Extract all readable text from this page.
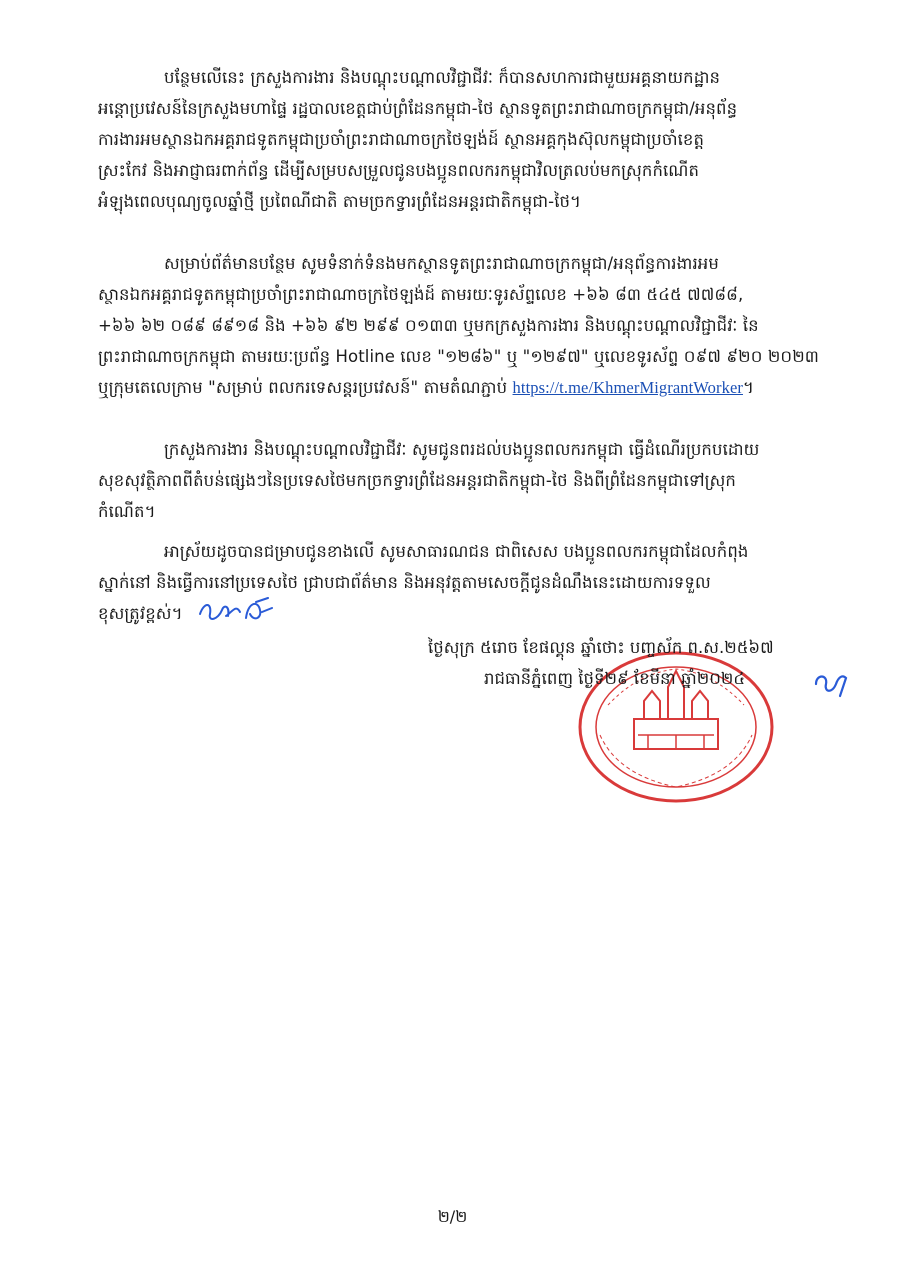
បន្ថែមលើនេះ ក្រសួងការងារ និងបណ្ដុះបណ្ដាលវិជ្ជាជីវៈ ក៏បានសហការជាមួយអគ្គនាយកដ្ឋាន
អន្តោប្រវេសន៍នៃក្រសួងមហាផ្ទៃ រដ្ឋបាលខេត្តជាប់ព្រំដែនកម្ពុជា-ថៃ ស្ថានទូតព្រះរាជាណាចក្រកម្ពុជា/អនុព័ន្ធ
ការងារអមស្ថានឯកអគ្គរាជទូតកម្ពុជាប្រចាំព្រះរាជាណាចក្រថៃឡង់ដ៍ ស្ថានអគ្គកុងស៊ុលកម្ពុជាប្រចាំខេត្ត
ស្រះកែវ និងអាជ្ញាធរពាក់ព័ន្ធ ដើម្បីសម្របសម្រួលជូនបងប្អូនពលករកម្ពុជាវិលត្រលប់មកស្រុកកំណើត
អំឡុងពេលបុណ្យចូលឆ្នាំថ្មី ប្រពៃណីជាតិ តាមច្រកទ្វារព្រំដែនអន្តរជាតិកម្ពុជា-ថៃ។
សម្រាប់ព័ត៌មានបន្ថែម សូមទំនាក់ទំនងមកស្ថានទូតព្រះរាជាណាចក្រកម្ពុជា/អនុព័ន្ធការងារអម
ស្ថានឯកអគ្គរាជទូតកម្ពុជាប្រចាំព្រះរាជាណាចក្រថៃឡង់ដ៍ តាមរយៈទូរស័ព្ទលេខ +៦៦ ៨៣ ៥៤៥ ៧៧៨៨,
+៦៦ ៦២ ០៨៩ ៨៩១៨ និង +៦៦ ៩២ ២៩៩ ០១៣៣ ឬមកក្រសួងការងារ និងបណ្ដុះបណ្ដាលវិជ្ជាជីវៈ នៃ
ព្រះរាជាណាចក្រកម្ពុជា តាមរយៈប្រព័ន្ធ Hotline លេខ "១២៨៦" ឬ "១២៩៧" ឬលេខទូរស័ព្ទ ០៩៧ ៩២០ ២០២៣
ឬក្រុមតេលេក្រាម "សម្រាប់ ពលករទេសន្តរប្រវេសន៍" តាមតំណភ្ជាប់ https://t.me/KhmerMigrantWorker។
ក្រសួងការងារ និងបណ្ដុះបណ្ដាលវិជ្ជាជីវៈ សូមជូនពរដល់បងប្អូនពលករកម្ពុជា ធ្វើដំណើរប្រកបដោយ
សុខសុវត្ថិភាពពីតំបន់ផ្សេងៗនៃប្រទេសថៃមកច្រកទ្វារព្រំដែនអន្តរជាតិកម្ពុជា-ថៃ និងពីព្រំដែនកម្ពុជាទៅស្រុក
កំណើត។
អាស្រ័យដូចបានជម្រាបជូនខាងលើ សូមសាធារណជន ជាពិសេស បងប្អូនពលករកម្ពុជាដែលកំពុង
ស្នាក់នៅ និងធ្វើការនៅប្រទេសថៃ ជ្រាបជាព័ត៌មាន និងអនុវត្តតាមសេចក្ដីជូនដំណឹងនេះដោយការទទួល
ខុសត្រូវខ្ពស់។
ថ្ងៃសុក្រ ៥រោច ខែផល្គុន ឆ្នាំថោះ បញ្ចស័ក ព.ស.២៥៦៧
រាជធានីភ្នំពេញ ថ្ងៃទី២៩ ខែមីនា ឆ្នាំ២០២៤
២/២
